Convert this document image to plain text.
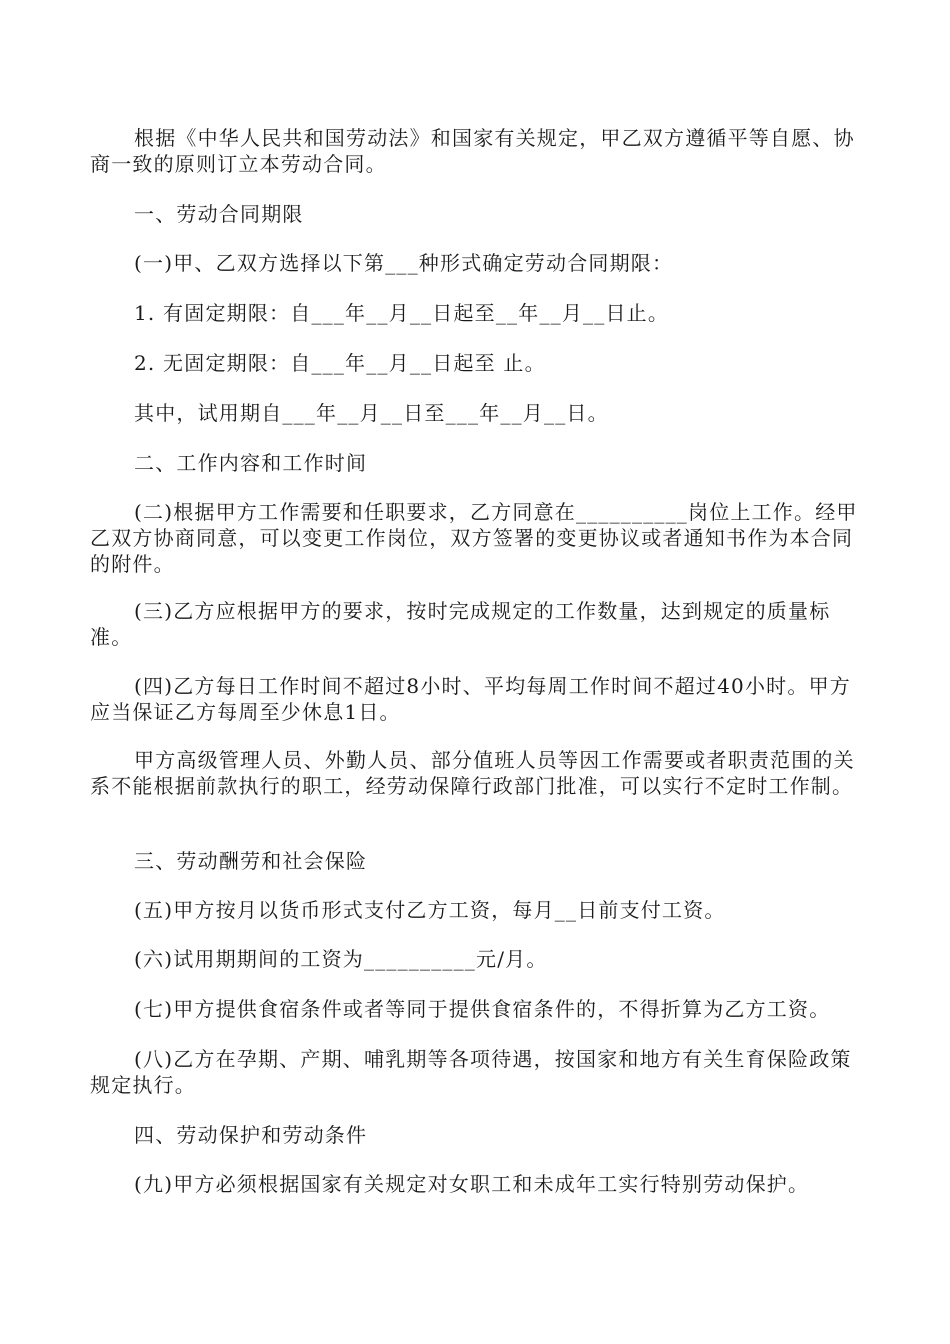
根据《中华人民共和国劳动法》和国家有关规定，甲乙双方遵循平等自愿、协商一致的原则订立本劳动合同。

一、劳动合同期限

(一)甲、乙双方选择以下第___种形式确定劳动合同期限：

1. 有固定期限：自___年__月__日起至__年__月__日止。

2. 无固定期限：自___年__月__日起至 止。

其中，试用期自___年__月__日至___年__月__日。

二、工作内容和工作时间

(二)根据甲方工作需要和任职要求，乙方同意在__________岗位上工作。经甲乙双方协商同意，可以变更工作岗位，双方签署的变更协议或者通知书作为本合同的附件。

(三)乙方应根据甲方的要求，按时完成规定的工作数量，达到规定的质量标准。

(四)乙方每日工作时间不超过8小时、平均每周工作时间不超过40小时。甲方应当保证乙方每周至少休息1日。

甲方高级管理人员、外勤人员、部分值班人员等因工作需要或者职责范围的关系不能根据前款执行的职工，经劳动保障行政部门批准，可以实行不定时工作制。

三、劳动酬劳和社会保险

(五)甲方按月以货币形式支付乙方工资，每月__日前支付工资。

(六)试用期期间的工资为__________元/月。

(七)甲方提供食宿条件或者等同于提供食宿条件的，不得折算为乙方工资。

(八)乙方在孕期、产期、哺乳期等各项待遇，按国家和地方有关生育保险政策规定执行。

四、劳动保护和劳动条件

(九)甲方必须根据国家有关规定对女职工和未成年工实行特别劳动保护。
